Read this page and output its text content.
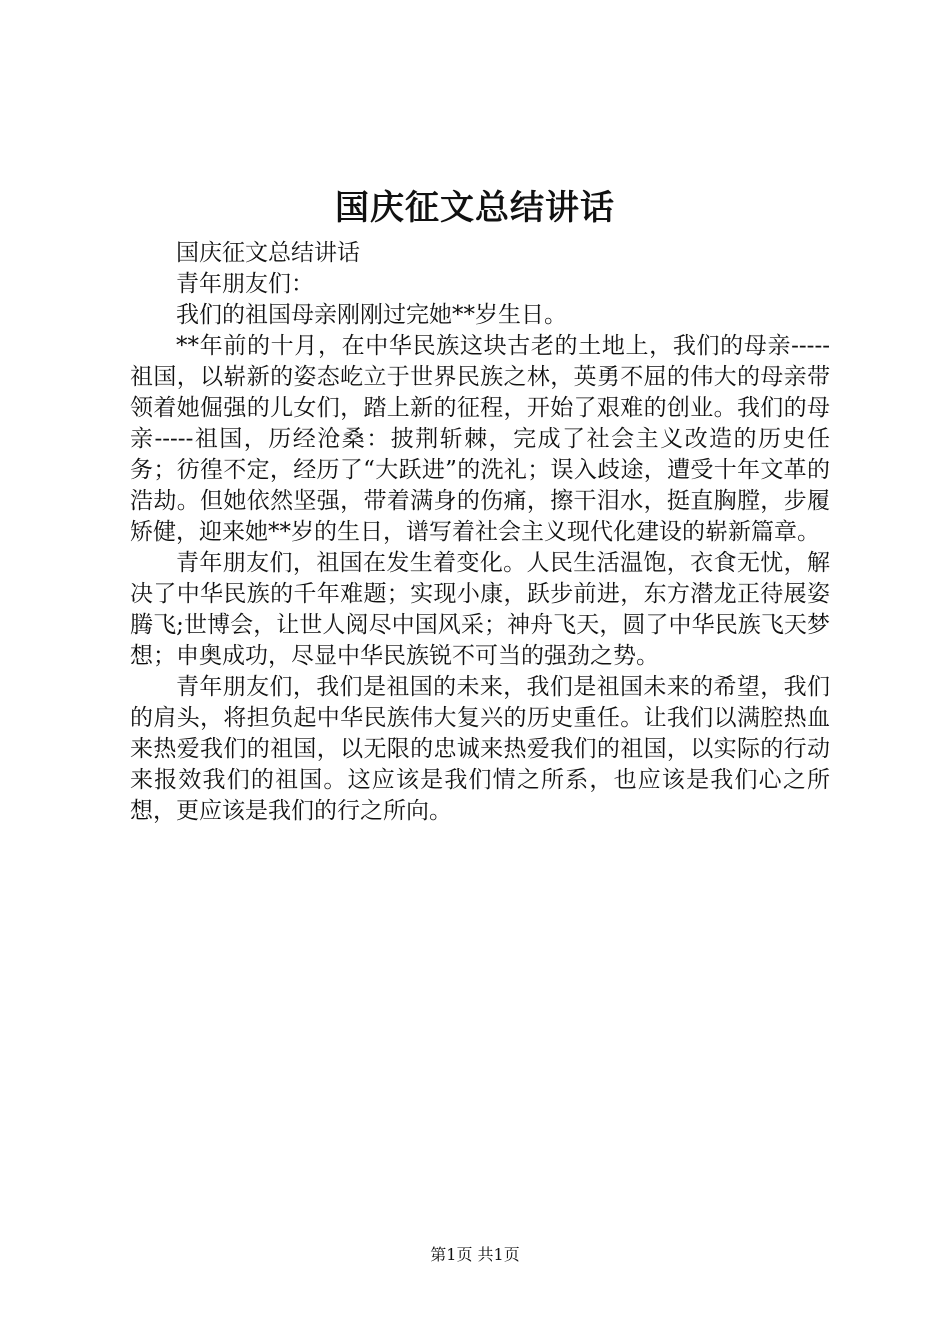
国庆征文总结讲话

国庆征文总结讲话

青年朋友们：

我们的祖国母亲刚刚过完她**岁生日。

**年前的十月，在中华民族这块古老的土地上，我们的母亲-----祖国，以崭新的姿态屹立于世界民族之林，英勇不屈的伟大的母亲带领着她倔强的儿女们，踏上新的征程，开始了艰难的创业。我们的母亲-----祖国，历经沧桑：披荆斩棘，完成了社会主义改造的历史任务；彷徨不定，经历了“大跃进”的洗礼；误入歧途，遭受十年文革的浩劫。但她依然坚强，带着满身的伤痛，擦干泪水，挺直胸膛，步履矫健，迎来她**岁的生日，谱写着社会主义现代化建设的崭新篇章。

青年朋友们，祖国在发生着变化。人民生活温饱，衣食无忧，解决了中华民族的千年难题；实现小康，跃步前进，东方潜龙正待展姿腾飞;世博会，让世人阅尽中国风采；神舟飞天，圆了中华民族飞天梦想；申奥成功，尽显中华民族锐不可当的强劲之势。

青年朋友们，我们是祖国的未来，我们是祖国未来的希望，我们的肩头，将担负起中华民族伟大复兴的历史重任。让我们以满腔热血来热爱我们的祖国，以无限的忠诚来热爱我们的祖国，以实际的行动来报效我们的祖国。这应该是我们情之所系，也应该是我们心之所想，更应该是我们的行之所向。

第1页 共1页
